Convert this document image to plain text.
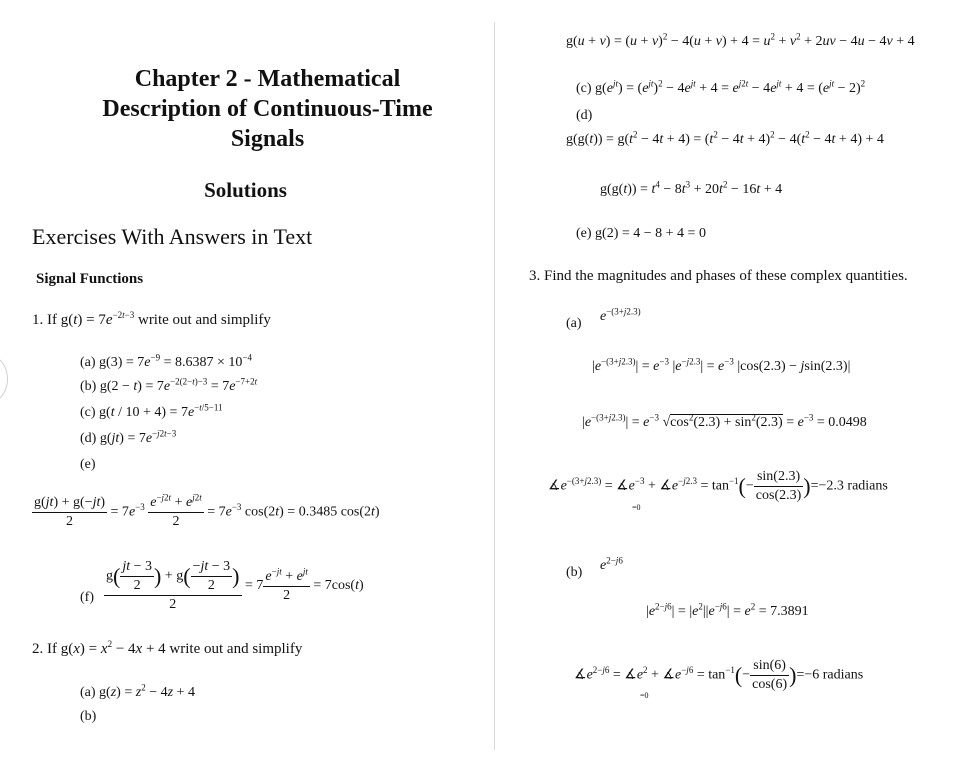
Chapter 2 - Mathematical
Description of Continuous-Time
Signals
Solutions
Exercises With Answers in Text
Signal Functions
1. If $g(t) = 7e^{-2t-3}$ write out and simplify
(a) $g(3) = 7e^{-9} = 8.6387 \times 10^{-4}$
(b) $g(2 - t) = 7e^{-2(2-t)-3} = 7e^{-7+2t}$
(c) $g(t / 10 + 4) = 7e^{-t/5-11}$
(d) $g(jt) = 7e^{-j2t-3}$
(e)
$\frac{g(jt) + g(-jt)}{2} = 7e^{-3} \frac{e^{-j2t} + e^{j2t}}{2} = 7e^{-3}$ cos(2t) = 0.3485 cos(2t)
$(f) \frac{g( \frac{jt - 3}{2} ) + g( \frac{-jt - 3}{2} )}{2} = 7 \frac{e^{-jt} + e^{jt}}{2} = 7\cos(t)$
2. If $g(x) = x^2 - 4x + 4$ write out and simplify
(a) $g(z) = z^2 - 4z + 4$
(b)
$g(u + v) = (u + v)^2 - 4(u + v) + 4 = u^2 + v^2 + 2uv - 4u - 4v + 4$
(c) $g(e^{jt}) = (e^{jt})^2 - 4e^{jt} + 4 = e^{j2t} - 4e^{jt} + 4 = (e^{jt} - 2)^2$
(d)
$g(g(t)) = g(t^2 - 4t + 4) = (t^2 - 4t + 4)^2 - 4(t^2 - 4t + 4) + 4$
$g(g(t)) = t^4 - 8t^3 + 20t^2 - 16t + 4$
(e) g(2) = 4 − 8 + 4 = 0
3. Find the magnitudes and phases of these complex quantities.
(a) $e^{-(3+j2.3)}$
$|e^{-(3+j2.3)}| = e^{-3}$ $|e^{-j2.3}| = e^{-3}$ |cos(2.3) − jsin(2.3)|
$|e^{-(3+j2.3)}| = e^{-3}$ $√\cos^2(2.3) + \sin^2(2.3) = e^{-3} = 0.0498$
$∡e^{-(3+j2.3)}$ = $∡e^{-3}$ + $∡e^{-j2.3} = \tan^{-1}(- \frac{\sin(2.3)}{\cos(2.3)} )=-2.3$ radians
=0
(b) $e^{2-j6}$
$|e^{2-j6}| = |e^2||e^{-j6}| = e^2 = 7.3891$
$∡e^{2-j6}$ = $∡e^2$ + $∡e^{-j6} = \tan^{-1}(- \frac{\sin(6)}{\cos(6)} )=-6$ radians
=0
